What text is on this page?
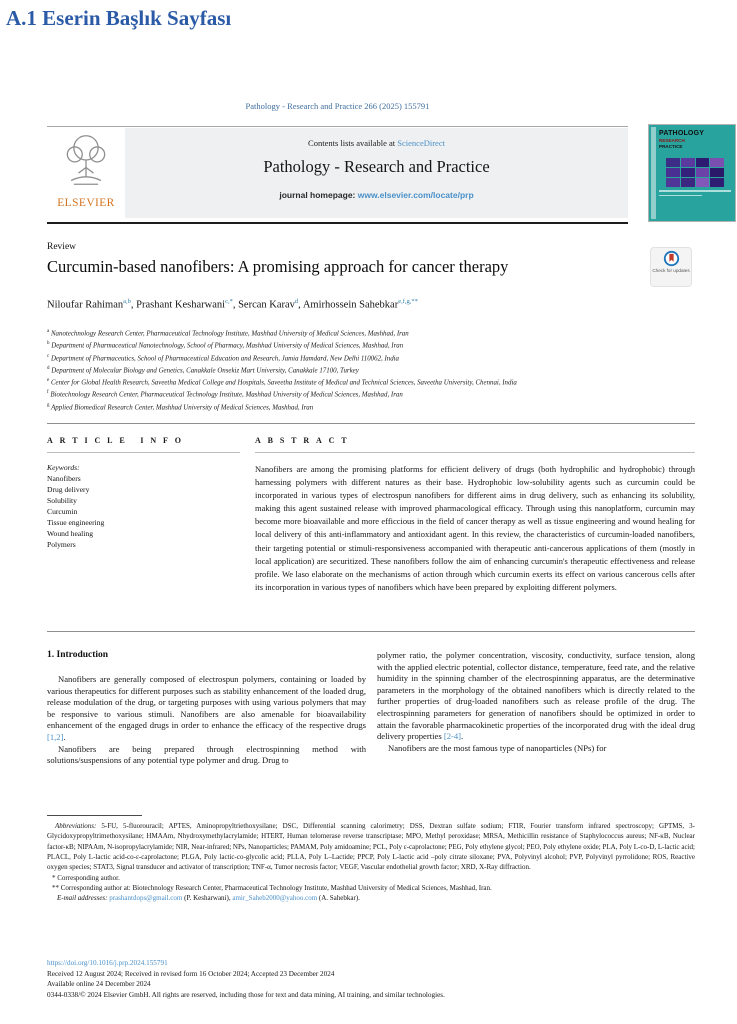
A.1 Eserin Başlık Sayfası
Pathology - Research and Practice 266 (2025) 155791
ELSEVIER
Contents lists available at ScienceDirect
Pathology - Research and Practice
journal homepage: www.elsevier.com/locate/prp
PATHOLOGY
RESEARCH
PRACTICE
Review
Curcumin-based nanofibers: A promising approach for cancer therapy	Check for updates
Niloufar Rahiman$^{a,b}$, Prashant Kesharwani$^{c,*}$, Sercan Karav$^d$, Amirhossein Sahebkar$^{e,f,g,**}$
$^a$ Nanotechnology Research Center, Pharmaceutical Technology Institute, Mashhad University of Medical Sciences, Mashhad, Iran
$^b$ Department of Pharmaceutical Nanotechnology, School of Pharmacy, Mashhad University of Medical Sciences, Mashhad, Iran
$^c$ Department of Pharmaceutics, School of Pharmaceutical Education and Research, Jamia Hamdard, New Delhi 110062, India
$^d$ Department of Molecular Biology and Genetics, Canakkale Onsekiz Mart University, Canakkale 17100, Turkey
$^e$ Center for Global Health Research, Saveetha Medical College and Hospitals, Saveetha Institute of Medical and Technical Sciences, Saveetha University, Chennai, India
$^f$ Biotechnology Research Center, Pharmaceutical Technology Institute, Mashhad University of Medical Sciences, Mashhad, Iran
$^g$ Applied Biomedical Research Center, Mashhad University of Medical Sciences, Mashhad, Iran
A R T I C L E   I N F O
Keywords:
Nanofibers
Drug delivery
Solubility
Curcumin
Tissue engineering
Wound healing
Polymers
A B S T R A C T
Nanofibers are among the promising platforms for efficient delivery of drugs (both hydrophilic and hydrophobic) through harnessing polymers with different natures as their base. Hydrophobic low-solubility agents such as curcumin could be incorporated in various types of electrospun nanofibers for different aims in drug delivery, such as enhancing its solubility, making this agent sustained release with improved pharmacological efficacy. Through using this nanoplatform, curcumin may become more bioavailable and more efficcious in the field of cancer therapy as well as tissue engineering and wound healing for local delivery of this anti-inflammatory and antioxidant agent. In this review, the characteristics of curcumin-loaded nanofibers, their targeting potential or stimuli-responsiveness accompanied with therapeutic anti-cancerous applications of them (mostly in local application) are securitized. These nanofibers follow the aim of enhancing curcumin's therapeutic effectiveness and release profile. We laso elaborate on the mechanisms of action through which curcumin exerts its effect on various cancerous cells after its incorporation in various types of nanofibers which have been prepared by exploiting different polymers.
1. Introduction

Nanofibers are generally composed of electrospun polymers, containing or loaded by various therapeutics for different purposes such as stability enhancement of the loaded drug, release modulation of the drug, or targeting purposes with using various polymers that may be responsive to various stimuli. Nanofibers are also amenable for bioavailability enhancement of the engaged drugs in order to enhance the efficacy of the respective drugs [1,2].

Nanofibers are being prepared through electrospinning method with solutions/suspensions of any potential type polymer and drug. Drug to

polymer ratio, the polymer concentration, viscosity, conductivity, surface tension, along with the applied electric potential, collector distance, temperature, feed rate, and the relative humidity in the spinning chamber of the electrospinning apparatus, are the determinative parameters in the morphology of the obtained nanofibers which is directly related to the further properties of drug-loaded nanofibers such as release profile of the drug. The electrospinning parameters for generation of nanofibers should be optimized in order to attain the favorable pharmacokinetic properties of the incorporated drug with the ideal drug delivery properties [2-4].

Nanofibers are the most famous type of nanoparticles (NPs) for

Abbreviations: 5-FU, 5-fluorouracil; APTES, Aminopropyltriethoxysilane; DSC, Differential scanning calorimetry; DSS, Dextran sulfate sodium; FTIR, Fourier transform infrared spectroscopy; GPTMS, 3-Glycidoxypropyltrimethoxysilane; HMAAm, Nhydroxymethylacrylamide; HTERT, Human telomerase reverse transcriptase; MPO, Methyl peroxidase; MRSA, Methicillin resistance of Staphylococcus aureus; NF-κB, Nuclear factor-κB; NIPAAm, N-isopropylacrylamide; NIR, Near-infrared; NPs, Nanoparticles; PAMAM, Poly amidoamine; PCL, Poly ε-caprolactone; PEG, Poly ethylene glycol; PEO, Poly ethylene oxide; PLA, Poly L-co-D, L-lactic acid; PLACL, Poly L-lactic acid-co-ε-caprolactone; PLGA, Poly lactic-co-glycolic acid; PLLA, Poly L–Lactide; PPCP, Poly L-lactic acid –poly citrate siloxane; PVA, Polyvinyl alcohol; PVP, Polyvinyl pyrrolidone; ROS, Reactive oxygen species; STAT3, Signal transducer and activator of transcription; TNF-α, Tumor necrosis factor; VEGF, Vascular endothelial growth factor; XRD, X-Ray diffraction.
* Corresponding author.
** Corresponding author at: Biotechnology Research Center, Pharmaceutical Technology Institute, Mashhad University of Medical Sciences, Mashhad, Iran.
E-mail addresses: prashantdops@gmail.com (P. Kesharwani), amir_Saheb2000@yahoo.com (A. Sahebkar).
https://doi.org/10.1016/j.prp.2024.155791
Received 12 August 2024; Received in revised form 16 October 2024; Accepted 23 December 2024
Available online 24 December 2024
0344-0338/© 2024 Elsevier GmbH. All rights are reserved, including those for text and data mining, AI training, and similar technologies.
